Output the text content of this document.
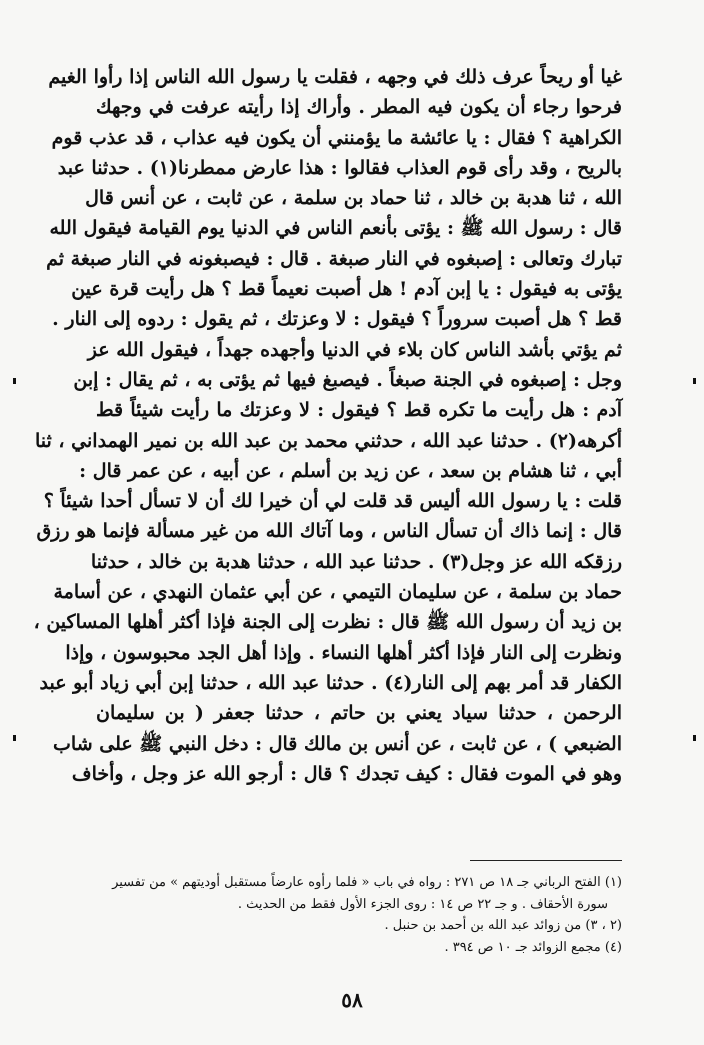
غيا أو ريحاً عرف ذلك في وجهه ، فقلت يا رسول الله الناس إذا رأوا الغيم
فرحوا رجاء أن يكون فيه المطر . وأراك إذا رأيته عرفت في وجهك
الكراهية ؟ فقال : يا عائشة ما يؤمنني أن يكون فيه عذاب ، قد عذب قوم
بالريح ، وقد رأى قوم العذاب فقالوا : هذا عارض ممطرنا(١) . حدثنا عبد
الله ، ثنا هدبة بن خالد ، ثنا حماد بن سلمة ، عن ثابت ، عن أنس قال
قال : رسول الله ﷺ : يؤتى بأنعم الناس في الدنيا يوم القيامة فيقول الله
تبارك وتعالى : إصبغوه في النار صبغة . قال : فيصبغونه في النار صبغة ثم
يؤتى به فيقول : يا إبن آدم ! هل أصبت نعيماً قط ؟ هل رأيت قرة عين
قط ؟ هل أصبت سروراً ؟ فيقول : لا وعزتك ، ثم يقول : ردوه إلى النار .
ثم يؤتي بأشد الناس كان بلاء في الدنيا وأجهده جهداً ، فيقول الله عز
وجل : إصبغوه في الجنة صبغاً . فيصبغ فيها ثم يؤتى به ، ثم يقال : إبن
آدم : هل رأيت ما تكره قط ؟ فيقول : لا وعزتك ما رأيت شيئاً قط
أكرهه(٢) . حدثنا عبد الله ، حدثني محمد بن عبد الله بن نمير الهمداني ، ثنا
أبي ، ثنا هشام بن سعد ، عن زيد بن أسلم ، عن أبيه ، عن عمر قال :
قلت : يا رسول الله أليس قد قلت لي أن خيرا لك أن لا تسأل أحدا شيئاً ؟
قال : إنما ذاك أن تسأل الناس ، وما آتاك الله من غير مسألة فإنما هو رزق
رزقكه الله عز وجل(٣) . حدثنا عبد الله ، حدثنا هدبة بن خالد ، حدثنا
حماد بن سلمة ، عن سليمان التيمي ، عن أبي عثمان النهدي ، عن أسامة
بن زيد أن رسول الله ﷺ قال : نظرت إلى الجنة فإذا أكثر أهلها المساكين ،
ونظرت إلى النار فإذا أكثر أهلها النساء . وإذا أهل الجد محبوسون ، وإذا
الكفار قد أمر بهم إلى النار(٤) . حدثنا عبد الله ، حدثنا إبن أبي زياد أبو عبد
الرحمن ، حدثنا سياد يعني بن حاتم ، حدثنا جعفر ( بن سليمان
الضبعي ) ، عن ثابت ، عن أنس بن مالك قال : دخل النبي ﷺ على شاب
وهو في الموت فقال : كيف تجدك ؟ قال : أرجو الله عز وجل ، وأخاف
(١) الفتح الرباني جـ ١٨ ص ٢٧١ : رواه في باب « فلما رأوه عارضاً مستقبل أوديتهم » من تفسير
سورة الأحقاف . و جـ ٢٢ ص ١٤ : روى الجزء الأول فقط من الحديث .
(٢ ، ٣) من زوائد عبد الله بن أحمد بن حنبل .
(٤) مجمع الزوائد جـ ١٠ ص ٣٩٤ .
٥٨
